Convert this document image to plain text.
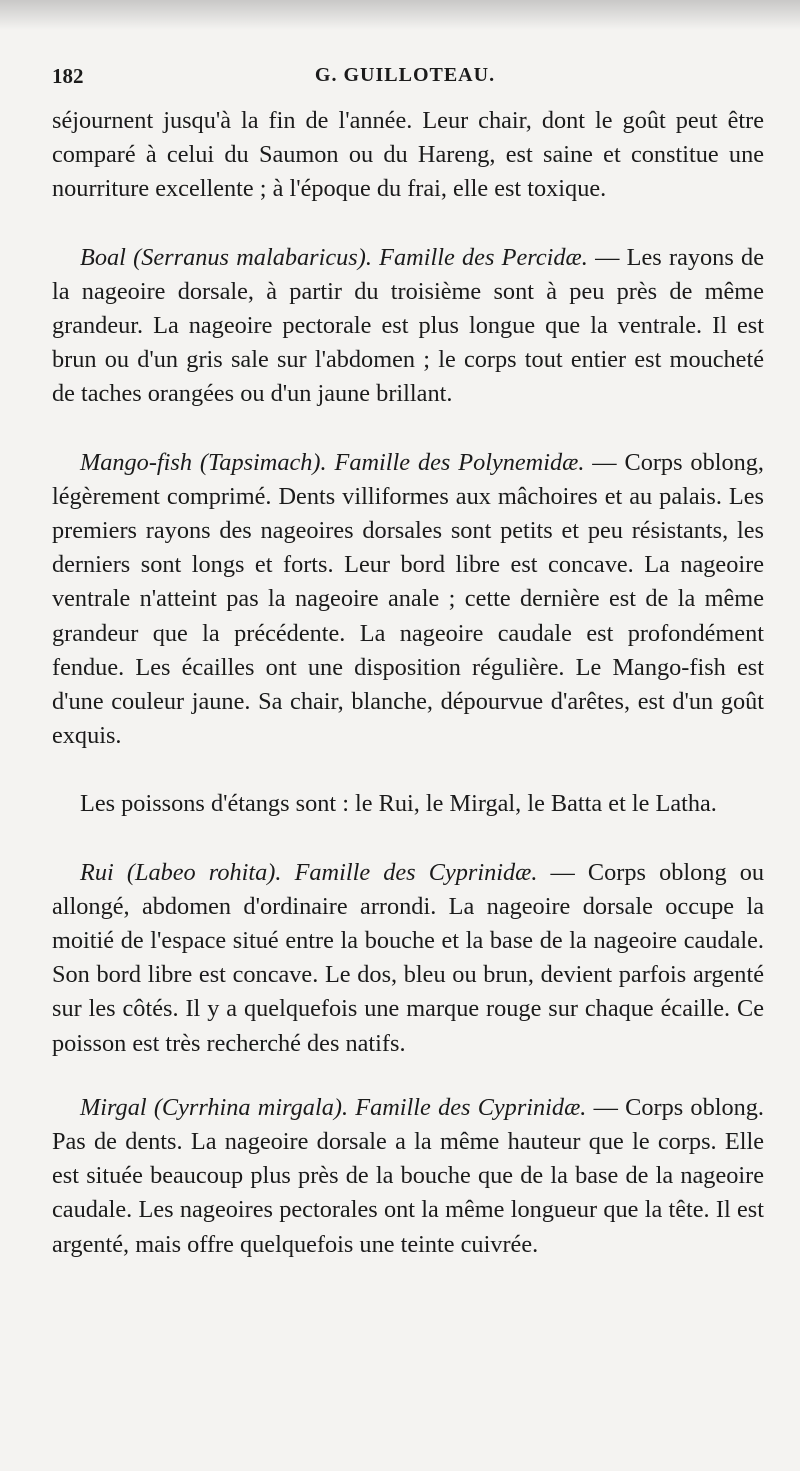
182	G. GUILLOTEAU.

séjournent jusqu'à la fin de l'année. Leur chair, dont le goût peut être comparé à celui du Saumon ou du Hareng, est saine et constitue une nourriture excellente ; à l'époque du frai, elle est toxique.

Boal (Serranus malabaricus). Famille des Percidæ. — Les rayons de la nageoire dorsale, à partir du troisième sont à peu près de même grandeur. La nageoire pectorale est plus longue que la ventrale. Il est brun ou d'un gris sale sur l'abdomen ; le corps tout entier est moucheté de taches orangées ou d'un jaune brillant.

Mango-fish (Tapsimach). Famille des Polynemidæ. — Corps oblong, légèrement comprimé. Dents villiformes aux mâchoires et au palais. Les premiers rayons des nageoires dorsales sont petits et peu résistants, les derniers sont longs et forts. Leur bord libre est concave. La nageoire ventrale n'atteint pas la nageoire anale ; cette dernière est de la même grandeur que la précédente. La nageoire caudale est profondément fendue. Les écailles ont une disposition régulière. Le Mango-fish est d'une couleur jaune. Sa chair, blanche, dépourvue d'arêtes, est d'un goût exquis.

Les poissons d'étangs sont : le Rui, le Mirgal, le Batta et le Latha.

Rui (Labeo rohita). Famille des Cyprinidæ. — Corps oblong ou allongé, abdomen d'ordinaire arrondi. La nageoire dorsale occupe la moitié de l'espace situé entre la bouche et la base de la nageoire caudale. Son bord libre est concave. Le dos, bleu ou brun, devient parfois argenté sur les côtés. Il y a quelquefois une marque rouge sur chaque écaille. Ce poisson est très recherché des natifs.

Mirgal (Cyrrhina mirgala). Famille des Cyprinidæ. — Corps oblong. Pas de dents. La nageoire dorsale a la même hauteur que le corps. Elle est située beaucoup plus près de la bouche que de la base de la nageoire caudale. Les nageoires pectorales ont la même longueur que la tête. Il est argenté, mais offre quelquefois une teinte cuivrée.
